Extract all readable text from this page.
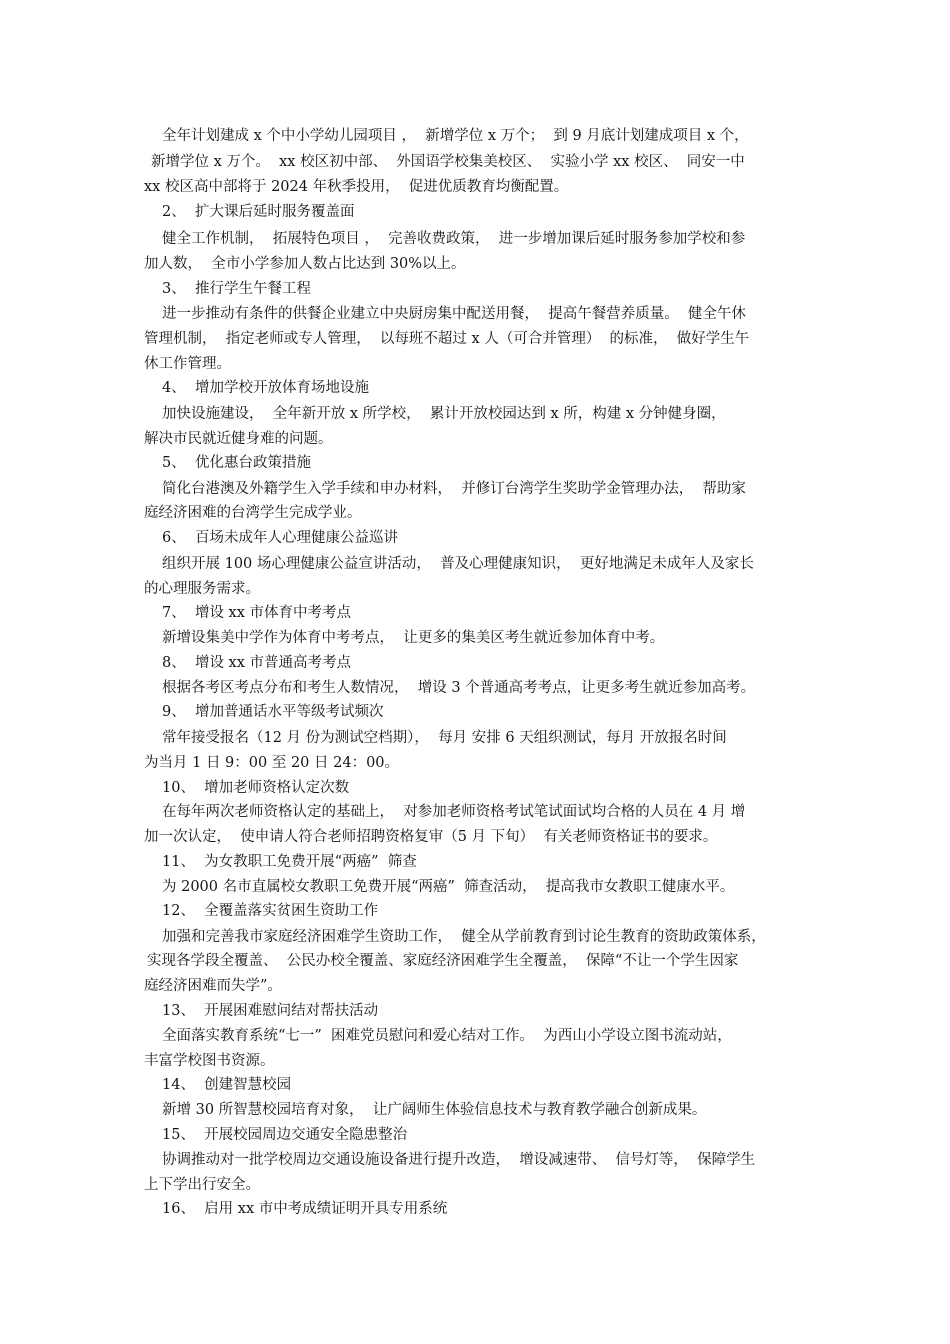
全年计划建成 x 个中小学幼儿园项目 ，  新增学位 x 万个；  到 9 月底计划建成项目 x 个，
新增学位 x 万个。  xx 校区初中部、  外国语学校集美校区、  实验小学 xx 校区、  同安一中
xx 校区高中部将于 2024 年秋季投用，  促进优质教育均衡配置。
2、  扩大课后延时服务覆盖面
健全工作机制，  拓展特色项目 ，  完善收费政策，  进一步增加课后延时服务参加学校和参
加人数，  全市小学参加人数占比达到 30%以上。
3、  推行学生午餐工程
进一步推动有条件的供餐企业建立中央厨房集中配送用餐，  提高午餐营养质量。  健全午休
管理机制，  指定老师或专人管理，  以每班不超过 x 人（可合并管理）  的标准，  做好学生午
休工作管理。
4、  增加学校开放体育场地设施
加快设施建设，  全年新开放 x 所学校，  累计开放校园达到 x 所，构建 x 分钟健身圈，
解决市民就近健身难的问题。
5、  优化惠台政策措施
简化台港澳及外籍学生入学手续和申办材料，  并修订台湾学生奖助学金管理办法，  帮助家
庭经济困难的台湾学生完成学业。
6、  百场未成年人心理健康公益巡讲
组织开展 100 场心理健康公益宣讲活动，  普及心理健康知识，  更好地满足未成年人及家长
的心理服务需求。
7、  增设 xx 市体育中考考点
新增设集美中学作为体育中考考点，  让更多的集美区考生就近参加体育中考。
8、  增设 xx 市普通高考考点
根据各考区考点分布和考生人数情况，  增设 3 个普通高考考点，让更多考生就近参加高考。
9、  增加普通话水平等级考试频次
常年接受报名（12 月 份为测试空档期），  每月 安排 6 天组织测试，每月 开放报名时间
为当月 1 日 9：00 至 20 日 24：00。
10、  增加老师资格认定次数
在每年两次老师资格认定的基础上，  对参加老师资格考试笔试面试均合格的人员在 4 月 增
加一次认定，  使申请人符合老师招聘资格复审（5 月 下旬）  有关老师资格证书的要求。
11、  为女教职工免费开展“两癌”  筛查
为 2000 名市直属校女教职工免费开展“两癌”  筛查活动，  提高我市女教职工健康水平。
12、  全覆盖落实贫困生资助工作
加强和完善我市家庭经济困难学生资助工作，  健全从学前教育到讨论生教育的资助政策体系，
实现各学段全覆盖、  公民办校全覆盖、家庭经济困难学生全覆盖，  保障“不让一个学生因家
庭经济困难而失学”。
13、  开展困难慰问结对帮扶活动
全面落实教育系统“七一”  困难党员慰问和爱心结对工作。  为西山小学设立图书流动站，
丰富学校图书资源。
14、  创建智慧校园
新增 30 所智慧校园培育对象，  让广阔师生体验信息技术与教育教学融合创新成果。
15、  开展校园周边交通安全隐患整治
协调推动对一批学校周边交通设施设备进行提升改造，  增设减速带、  信号灯等，  保障学生
上下学出行安全。
16、  启用 xx 市中考成绩证明开具专用系统
